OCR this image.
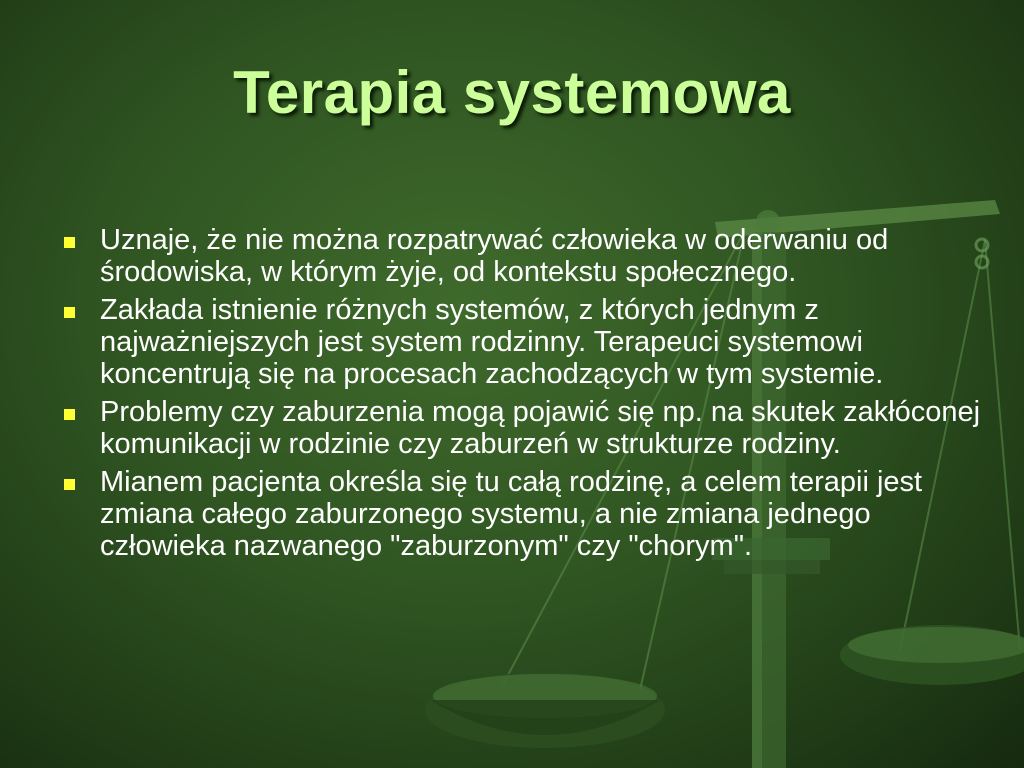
Terapia systemowa
Uznaje, że nie można rozpatrywać człowieka w oderwaniu od środowiska, w którym żyje, od kontekstu społecznego.
Zakłada istnienie różnych systemów, z których jednym z najważniejszych jest system rodzinny. Terapeuci systemowi koncentrują się na procesach zachodzących w tym systemie.
Problemy czy zaburzenia mogą pojawić się np. na skutek zakłóconej komunikacji w rodzinie czy zaburzeń w strukturze rodziny.
Mianem pacjenta określa się tu całą rodzinę, a celem terapii jest zmiana całego zaburzonego systemu, a nie zmiana jednego człowieka nazwanego "zaburzonym" czy "chorym".
